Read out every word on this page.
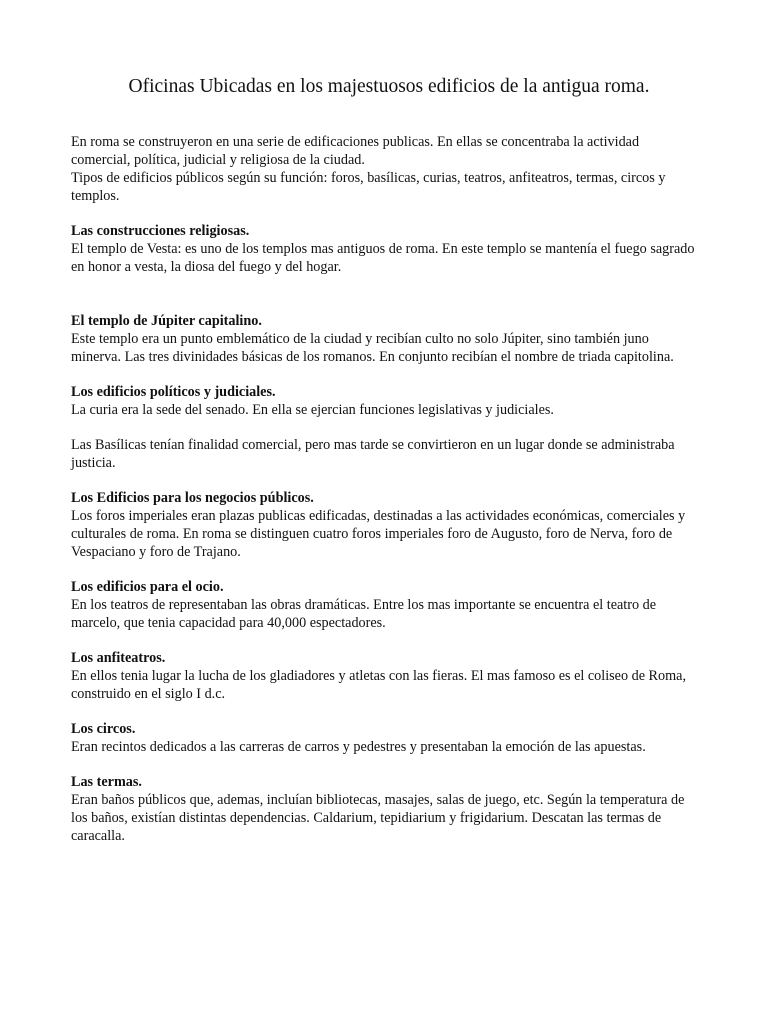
Oficinas Ubicadas en los majestuosos edificios de la antigua roma.

En roma se construyeron en una serie de edificaciones publicas. En ellas se concentraba la actividad comercial, política, judicial y religiosa de la ciudad.

Tipos de edificios públicos según su función: foros, basílicas, curias, teatros, anfiteatros, termas, circos y templos.

Las construcciones religiosas.

El templo de Vesta: es uno de los templos mas antiguos de roma. En este templo se mantenía el fuego sagrado en honor a vesta, la diosa del fuego y del hogar.

El templo de Júpiter capitalino.

Este templo era un punto emblemático de la ciudad y recibían culto no solo Júpiter, sino también juno minerva. Las tres divinidades básicas de los romanos. En conjunto recibían el nombre de triada capitolina.

Los edificios políticos y judiciales.

La curia era la sede del senado. En ella se ejercian funciones legislativas y judiciales.

Las Basílicas tenían finalidad comercial, pero mas tarde se convirtieron en un lugar donde se administraba justicia.

Los Edificios para los negocios públicos.

Los foros imperiales eran plazas publicas edificadas, destinadas a las actividades económicas, comerciales y culturales de roma. En roma se distinguen cuatro foros imperiales foro de Augusto, foro de Nerva, foro de Vespaciano y foro de Trajano.

Los edificios para el ocio.

En los teatros de representaban las obras dramáticas. Entre los mas importante se encuentra el teatro de marcelo, que tenia capacidad para 40,000 espectadores.

Los anfiteatros.

En ellos tenia lugar la lucha de los gladiadores y atletas con las fieras. El mas famoso es el coliseo de Roma, construido en el siglo I d.c.

Los circos.

Eran recintos dedicados a las carreras de carros y pedestres y presentaban la emoción de las apuestas.

Las termas.

Eran baños públicos que, ademas, incluían bibliotecas, masajes, salas de juego, etc. Según la temperatura de los baños, existían distintas dependencias. Caldarium, tepidiarium y frigidarium. Descatan las termas de caracalla.
